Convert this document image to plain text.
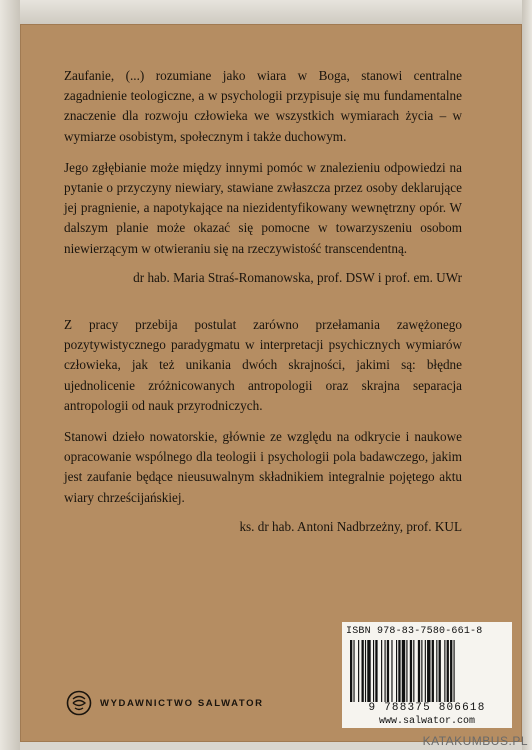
Zaufanie, (...) rozumiane jako wiara w Boga, stanowi centralne zagadnienie teologiczne, a w psychologii przypisuje się mu fundamentalne znaczenie dla rozwoju człowieka we wszystkich wymiarach życia – w wymiarze osobistym, społecznym i także duchowym.

Jego zgłębianie może między innymi pomóc w znalezieniu odpowiedzi na pytanie o przyczyny niewiary, stawiane zwłaszcza przez osoby deklarujące jej pragnienie, a napotykające na niezidentyfikowany wewnętrzny opór. W dalszym planie może okazać się pomocne w towarzyszeniu osobom niewierzącym w otwieraniu się na rzeczywistość transcendentną.

dr hab. Maria Straś-Romanowska, prof. DSW i prof. em. UWr

Z pracy przebija postulat zarówno przełamania zawężonego pozytywistycznego paradygmatu w interpretacji psychicznych wymiarów człowieka, jak też unikania dwóch skrajności, jakimi są: błędne ujednolicenie zróżnicowanych antropologii oraz skrajna separacja antropologii od nauk przyrodniczych.

Stanowi dzieło nowatorskie, głównie ze względu na odkrycie i naukowe opracowanie wspólnego dla teologii i psychologii pola badawczego, jakim jest zaufanie będące nieusuwalnym składnikiem integralnie pojętego aktu wiary chrześcijańskiej.

ks. dr hab. Antoni Nadbrzeżny, prof. KUL

WYDAWNICTWO SALWATOR
ISBN 978-83-7580-661-8
9 788375 806618
www.salwator.com
KATAKUMBUS.PL
